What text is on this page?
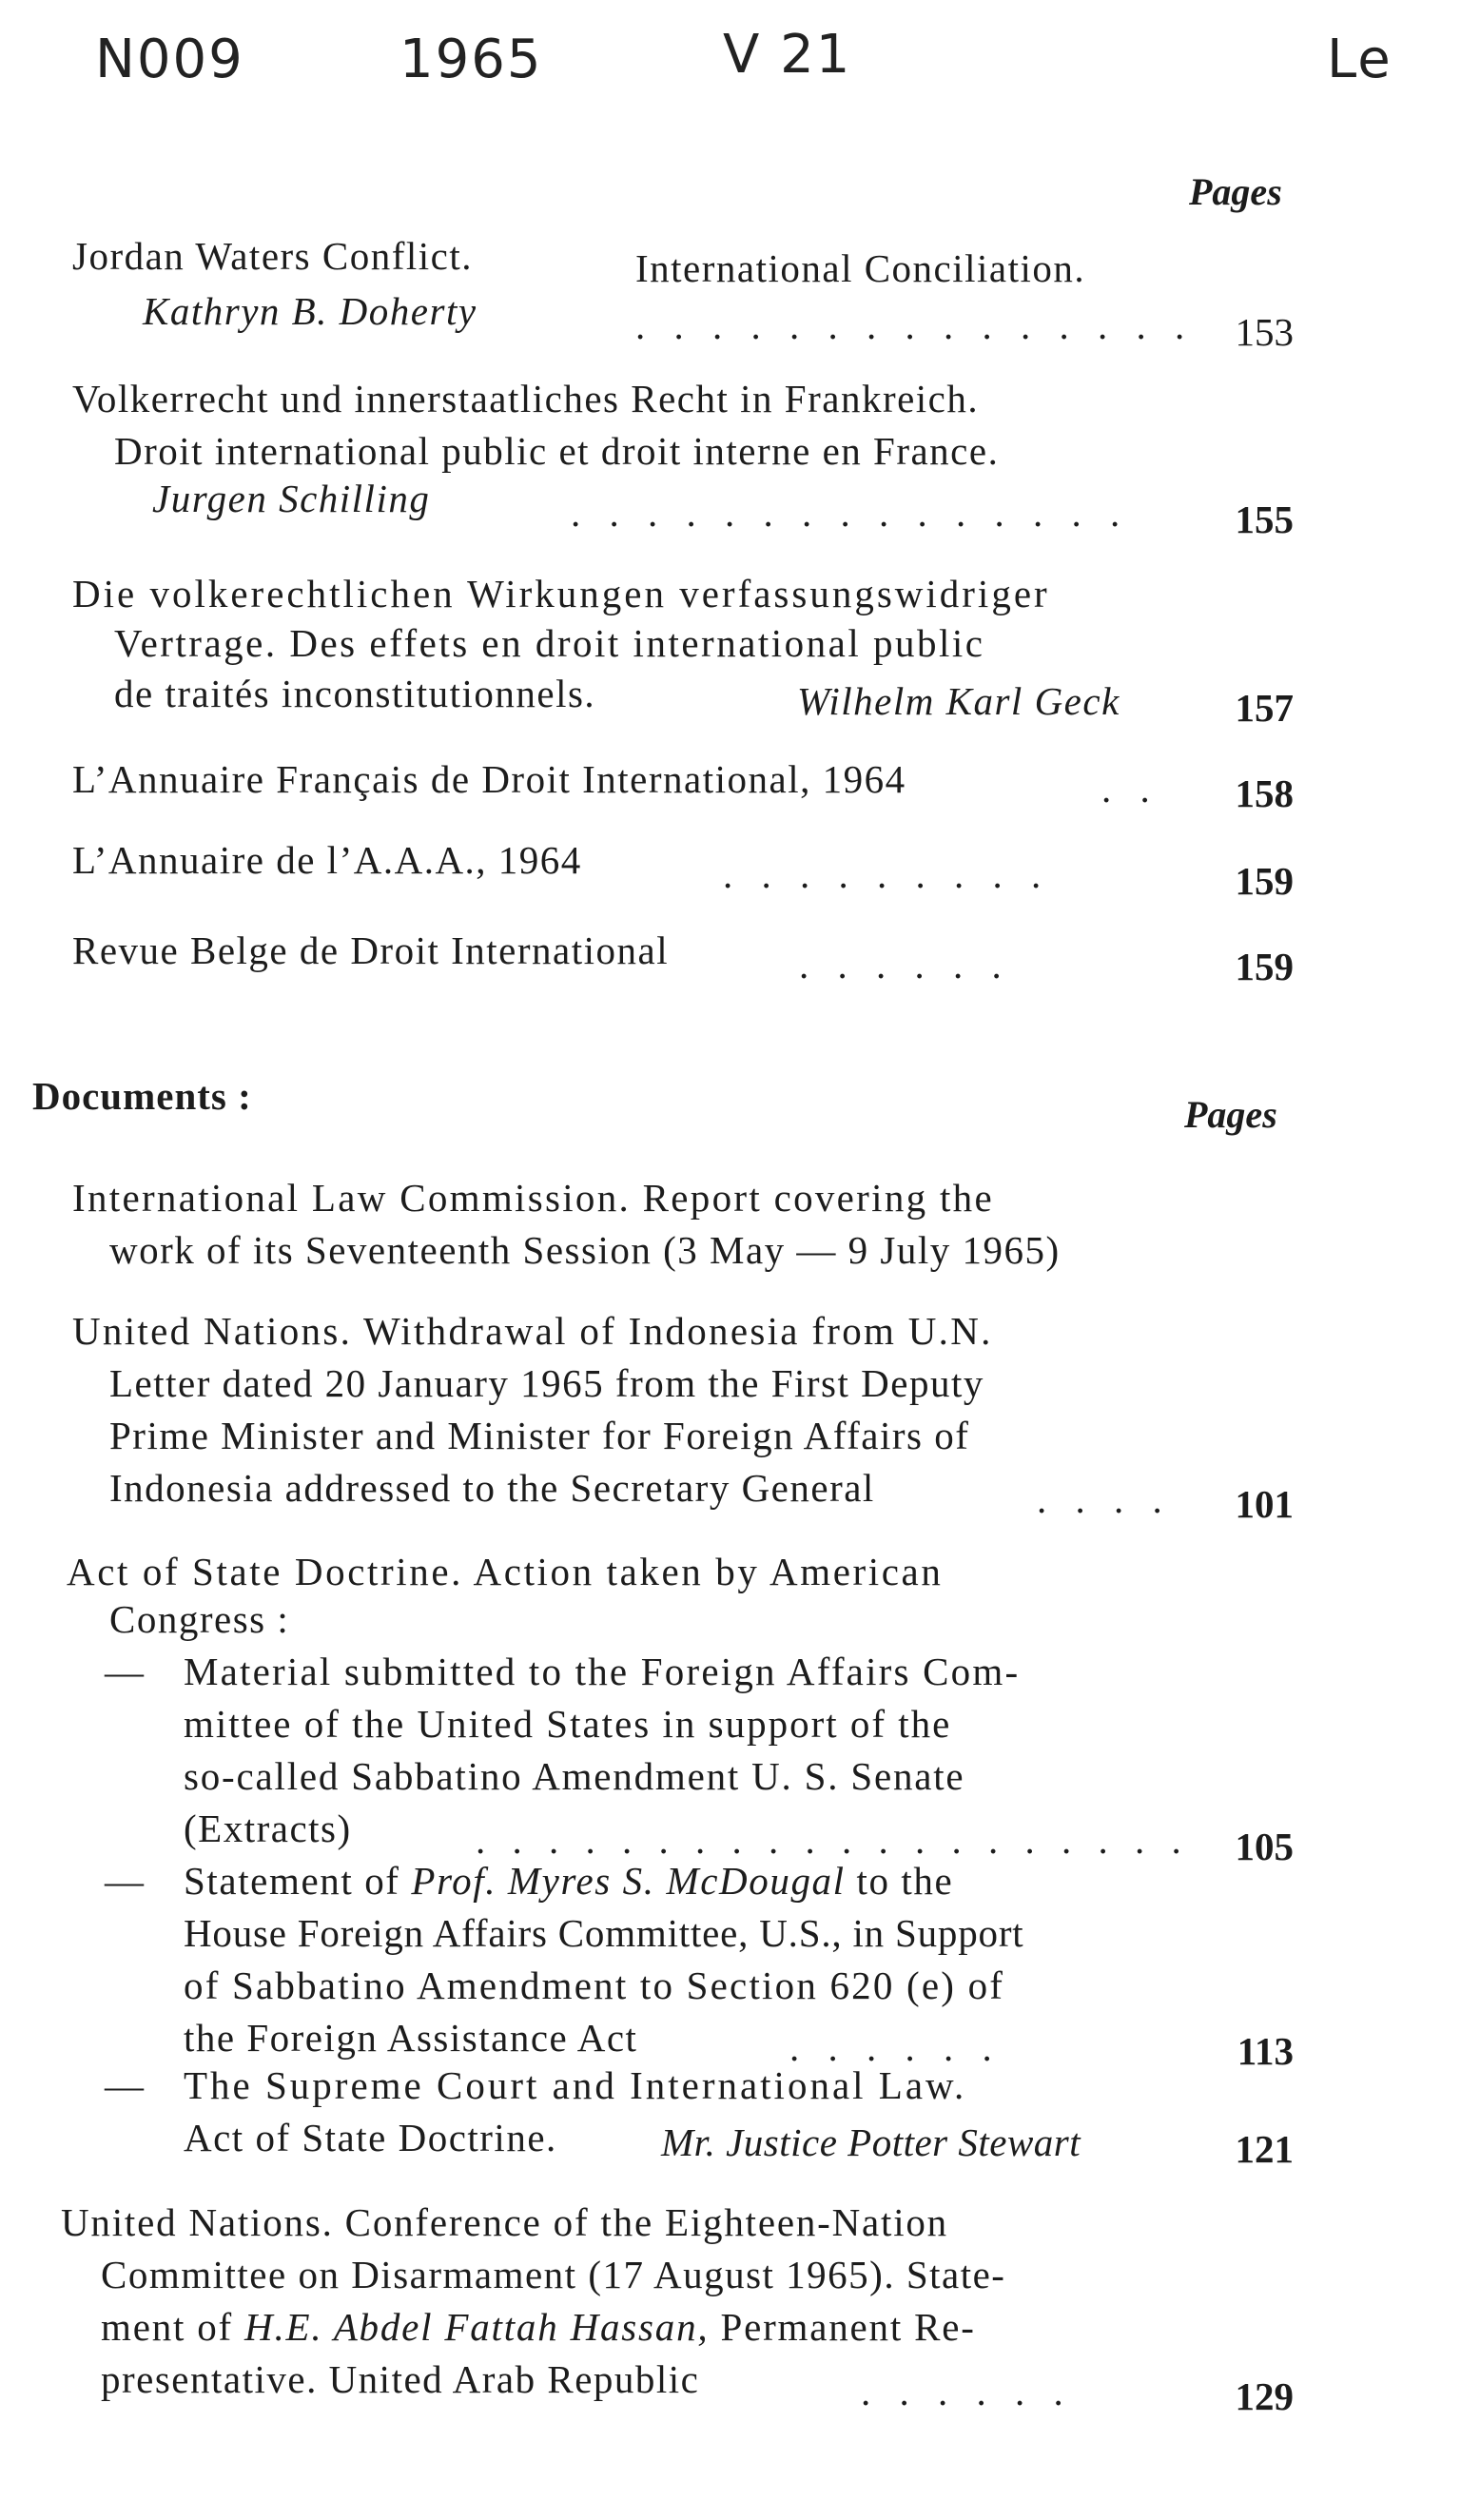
N009	1965	V 21	Le
Pages
Jordan Waters Conflict.	International Conciliation.
Kathryn B. Doherty	. . . . . . . . . . . . . . .	153
Volkerrecht und innerstaatliches Recht in Frankreich.
Droit international public et droit interne en France.
Jurgen Schilling	. . . . . . . . . . . . . . .	155
Die volkerechtlichen Wirkungen verfassungswidriger
Vertrage. Des effets en droit international public
de traités inconstitutionnels.	Wilhelm Karl Geck	157
L’Annuaire Français de Droit International, 1964	. .	158
L’Annuaire de l’A.A.A., 1964	. . . . . . . . .	159
Revue Belge de Droit International	. . . . . .	159
Documents :	Pages
International Law Commission. Report covering the
work of its Seventeenth Session (3 May — 9 July 1965)
United Nations. Withdrawal of Indonesia from U.N.
Letter dated 20 January 1965 from the First Deputy
Prime Minister and Minister for Foreign Affairs of
Indonesia addressed to the Secretary General	. . . .	101
Act of State Doctrine. Action taken by American
Congress :
— Material submitted to the Foreign Affairs Com-
mittee of the United States in support of the
so-called Sabbatino Amendment U. S. Senate
(Extracts)	. . . . . . . . . . . . . . . . . . . .	105
— Statement of Prof. Myres S. McDougal to the
House Foreign Affairs Committee, U.S., in Support
of Sabbatino Amendment to Section 620 (e) of
the Foreign Assistance Act	. . . . . .	113
— The Supreme Court and International Law.
Act of State Doctrine.	Mr. Justice Potter Stewart	121
United Nations. Conference of the Eighteen-Nation
Committee on Disarmament (17 August 1965). State-
ment of H.E. Abdel Fattah Hassan, Permanent Re-
presentative. United Arab Republic	. . . . . .	129
